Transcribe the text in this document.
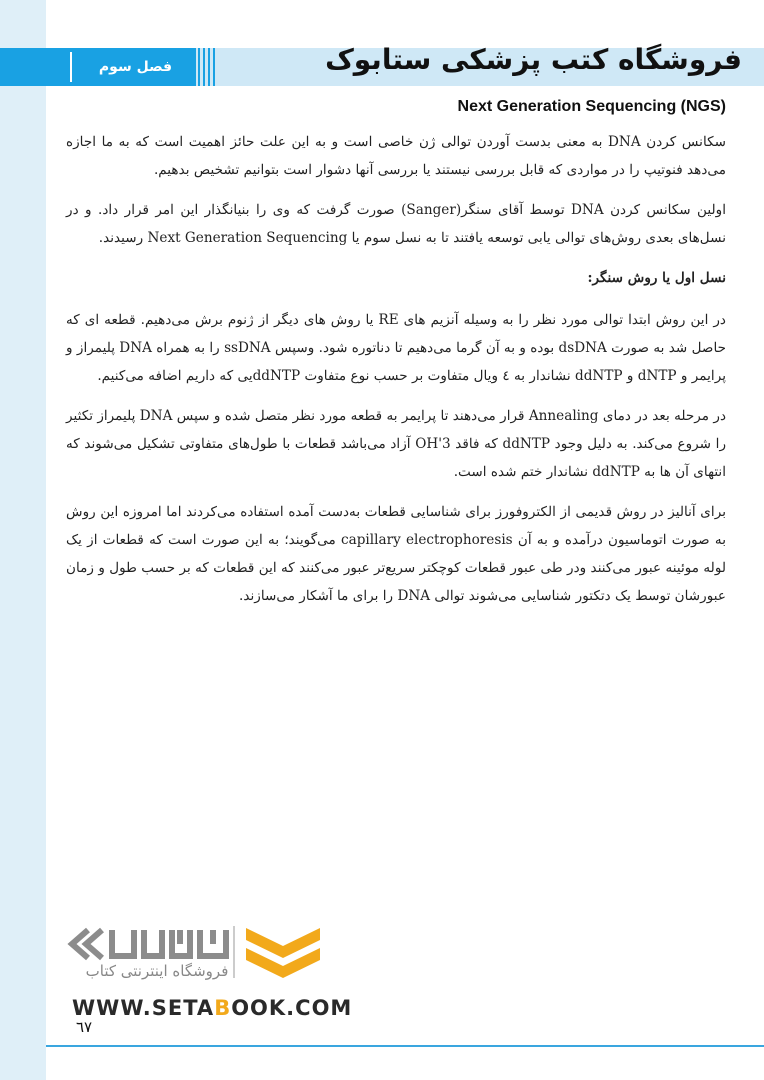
فصل سوم	فروشگاه کتب پزشکی ستابوک
Next Generation Sequencing (NGS)

سکانس کردن DNA به معنی بدست آوردن توالی ژن خاصی است و به این علت حائز اهمیت است که به ما اجازه می‌دهد فنوتیپ را در مواردی که قابل بررسی نیستند یا بررسی آنها دشوار است بتوانیم تشخیص بدهیم.

اولین سکانس کردن DNA توسط آقای سنگر(Sanger) صورت گرفت که وی را بنیانگذار این امر قرار داد. و در نسل‌های بعدی روش‌های توالی یابی توسعه یافتند تا به نسل سوم یا Next Generation Sequencing رسیدند.

نسل اول یا روش سنگر:

در این روش ابتدا توالی مورد نظر را به وسیله آنزیم های RE یا روش های دیگر از ژنوم برش می‌دهیم. قطعه ای که حاصل شد به صورت dsDNA بوده و به آن گرما می‌دهیم تا دناتوره شود. وسپس ssDNA را به همراه DNA پلیمراز و پرایمر و dNTP و ddNTP نشاندار به ٤ ویال متفاوت بر حسب نوع متفاوت ddNTPیی که داریم اضافه می‌کنیم.

در مرحله بعد در دمای Annealing قرار می‌دهند تا پرایمر به قطعه مورد نظر متصل شده و سپس DNA پلیمراز تکثیر را شروع می‌کند. به دلیل وجود ddNTP که فاقد 3'OH آزاد می‌باشد قطعات با طول‌های متفاوتی تشکیل می‌شوند که انتهای آن ها به ddNTP نشاندار ختم شده است.

برای آنالیز در روش قدیمی از الکتروفورز برای شناسایی قطعات به‌دست آمده استفاده می‌کردند اما امروزه این روش به صورت اتوماسیون درآمده و به آن capillary electrophoresis می‌گویند؛ به این صورت است که قطعات از یک لوله موئینه عبور می‌کنند ودر طی عبور قطعات کوچکتر سریع‌تر عبور می‌کنند که این قطعات که بر حسب طول و زمان عبورشان توسط یک دتکتور شناسایی می‌شوند توالی DNA را برای ما آشکار می‌سازند.

فروشگاه اینترنتی کتاب
WWW.SETABOOK.COM
٦٧
